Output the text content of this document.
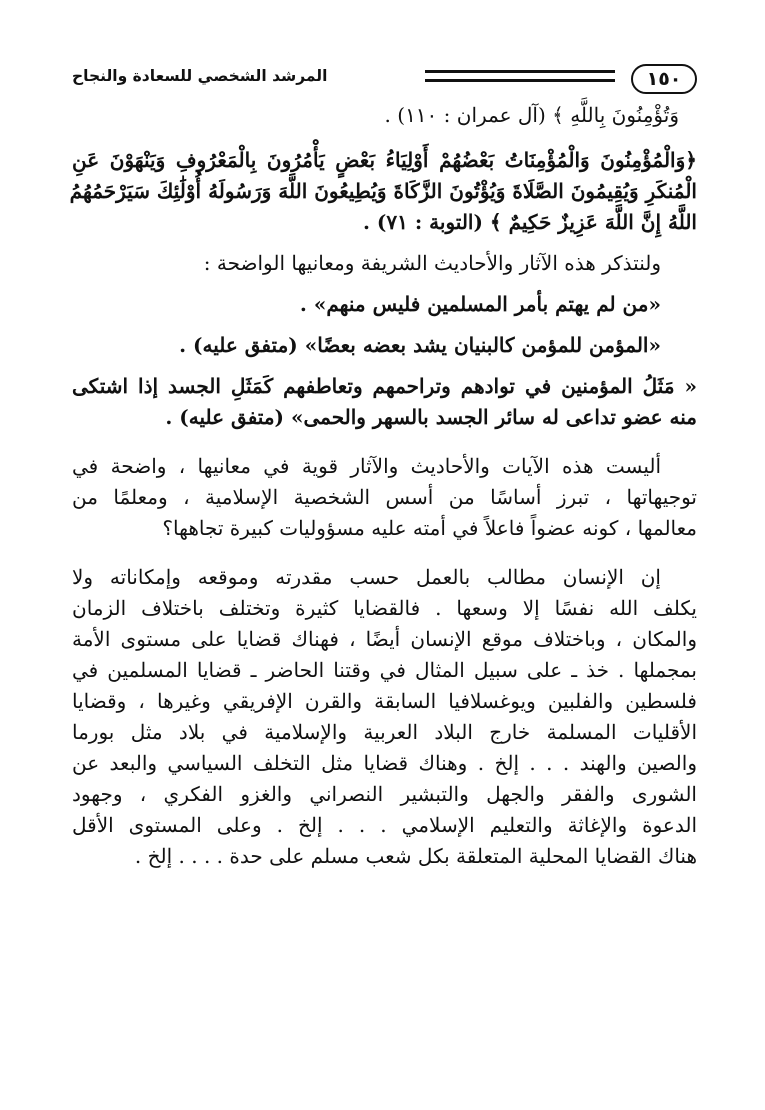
١٥٠
المرشد الشخصي للسعادة والنجاح
وَتُؤْمِنُونَ بِاللَّهِ ﴾ (آل عمران : ١١٠) .
﴿وَالْمُؤْمِنُونَ وَالْمُؤْمِنَاتُ بَعْضُهُمْ أَوْلِيَاءُ بَعْضٍ يَأْمُرُونَ بِالْمَعْرُوفِ وَيَنْهَوْنَ عَنِ
الْمُنكَرِ وَيُقِيمُونَ الصَّلَاةَ وَيُؤْتُونَ الزَّكَاةَ وَيُطِيعُونَ اللَّهَ وَرَسُولَهُ أُوْلَٰئِكَ سَيَرْحَمُهُمُ
اللَّهُ إِنَّ اللَّهَ عَزِيزٌ حَكِيمٌ ﴾ (التوبة : ٧١) .
ولنتذكر هذه الآثار والأحاديث الشريفة ومعانيها الواضحة :
«من لم يهتم بأمر المسلمين فليس منهم» .
«المؤمن للمؤمن كالبنيان يشد بعضه بعضًا» (متفق عليه) .
« مَثَلُ المؤمنين في توادهم وتراحمهم وتعاطفهم كَمَثَلِ الجسد إذا اشتكى
منه عضو تداعى له سائر الجسد بالسهر والحمى» (متفق عليه) .
أليست هذه الآيات والأحاديث والآثار قوية في معانيها ، واضحة في
توجيهاتها ، تبرز أساسًا من أسس الشخصية الإسلامية ، ومعلمًا من
معالمها ، كونه عضواً فاعلاً في أمته عليه مسؤوليات كبيرة تجاهها؟
إن الإنسان مطالب بالعمل حسب مقدرته وموقعه وإمكاناته ولا
يكلف الله نفسًا إلا وسعها . فالقضايا كثيرة وتختلف باختلاف الزمان
والمكان ، وباختلاف موقع الإنسان أيضًا ، فهناك قضايا على مستوى الأمة
بمجملها . خذ ـ على سبيل المثال في وقتنا الحاضر ـ قضايا المسلمين في
فلسطين والفلبين ويوغسلافيا السابقة والقرن الإفريقي وغيرها ، وقضايا
الأقليات المسلمة خارج البلاد العربية والإسلامية في بلاد مثل بورما
والصين والهند . . . إلخ . وهناك قضايا مثل التخلف السياسي والبعد عن
الشورى والفقر والجهل والتبشير النصراني والغزو الفكري ، وجهود
الدعوة والإغاثة والتعليم الإسلامي . . . إلخ . وعلى المستوى الأقل
هناك القضايا المحلية المتعلقة بكل شعب مسلم على حدة . . . . إلخ .
